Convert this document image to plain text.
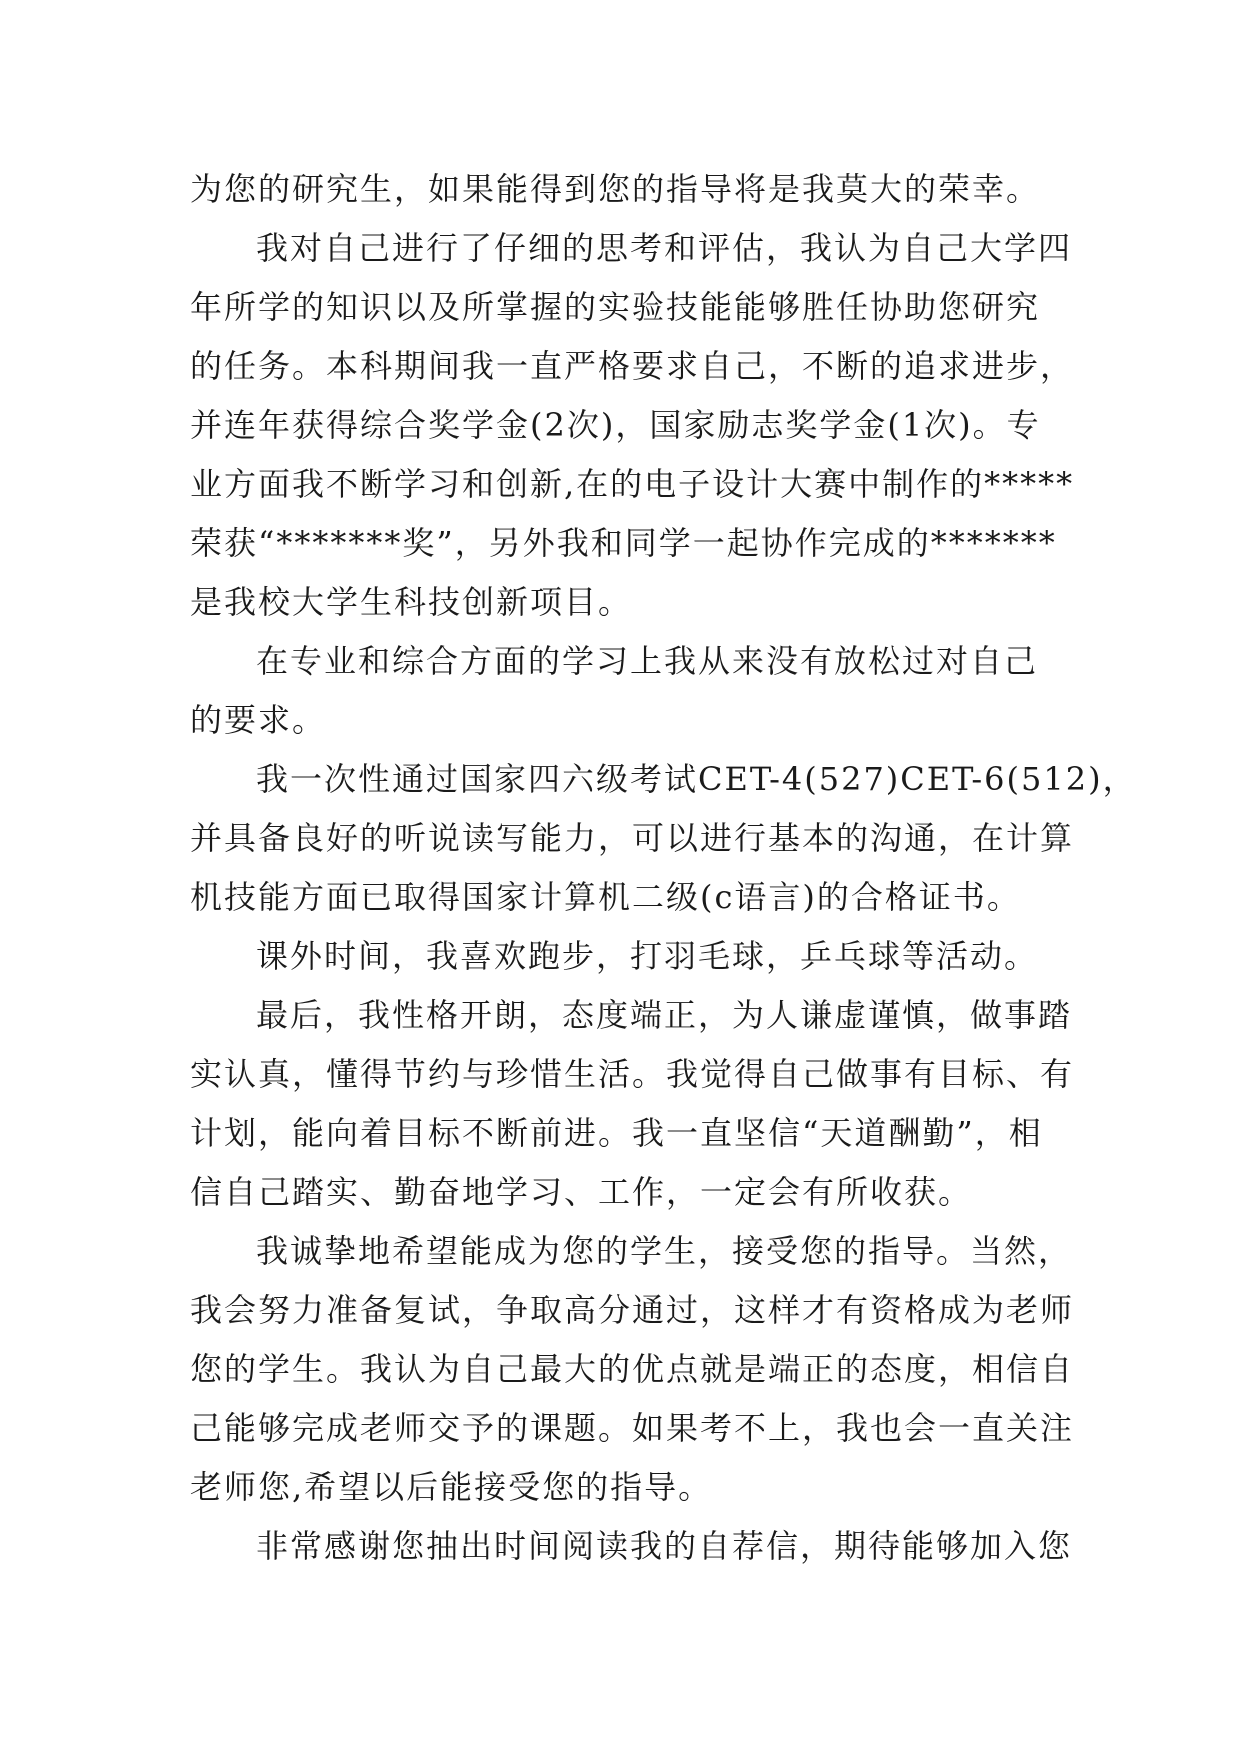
为您的研究生，如果能得到您的指导将是我莫大的荣幸。
我对自己进行了仔细的思考和评估，我认为自己大学四
年所学的知识以及所掌握的实验技能能够胜任协助您研究
的任务。本科期间我一直严格要求自己，不断的追求进步，
并连年获得综合奖学金(2次)，国家励志奖学金(1次)。专
业方面我不断学习和创新,在的电子设计大赛中制作的*****
荣获“*******奖”，另外我和同学一起协作完成的*******
是我校大学生科技创新项目。
在专业和综合方面的学习上我从来没有放松过对自己
的要求。
我一次性通过国家四六级考试CET-4(527)CET-6(512)，
并具备良好的听说读写能力，可以进行基本的沟通，在计算
机技能方面已取得国家计算机二级(c语言)的合格证书。
课外时间，我喜欢跑步，打羽毛球，乒乓球等活动。
最后，我性格开朗，态度端正，为人谦虚谨慎，做事踏
实认真，懂得节约与珍惜生活。我觉得自己做事有目标、有
计划，能向着目标不断前进。我一直坚信“天道酬勤”，相
信自己踏实、勤奋地学习、工作，一定会有所收获。
我诚挚地希望能成为您的学生，接受您的指导。当然，
我会努力准备复试，争取高分通过，这样才有资格成为老师
您的学生。我认为自己最大的优点就是端正的态度，相信自
己能够完成老师交予的课题。如果考不上，我也会一直关注
老师您,希望以后能接受您的指导。
非常感谢您抽出时间阅读我的自荐信，期待能够加入您
